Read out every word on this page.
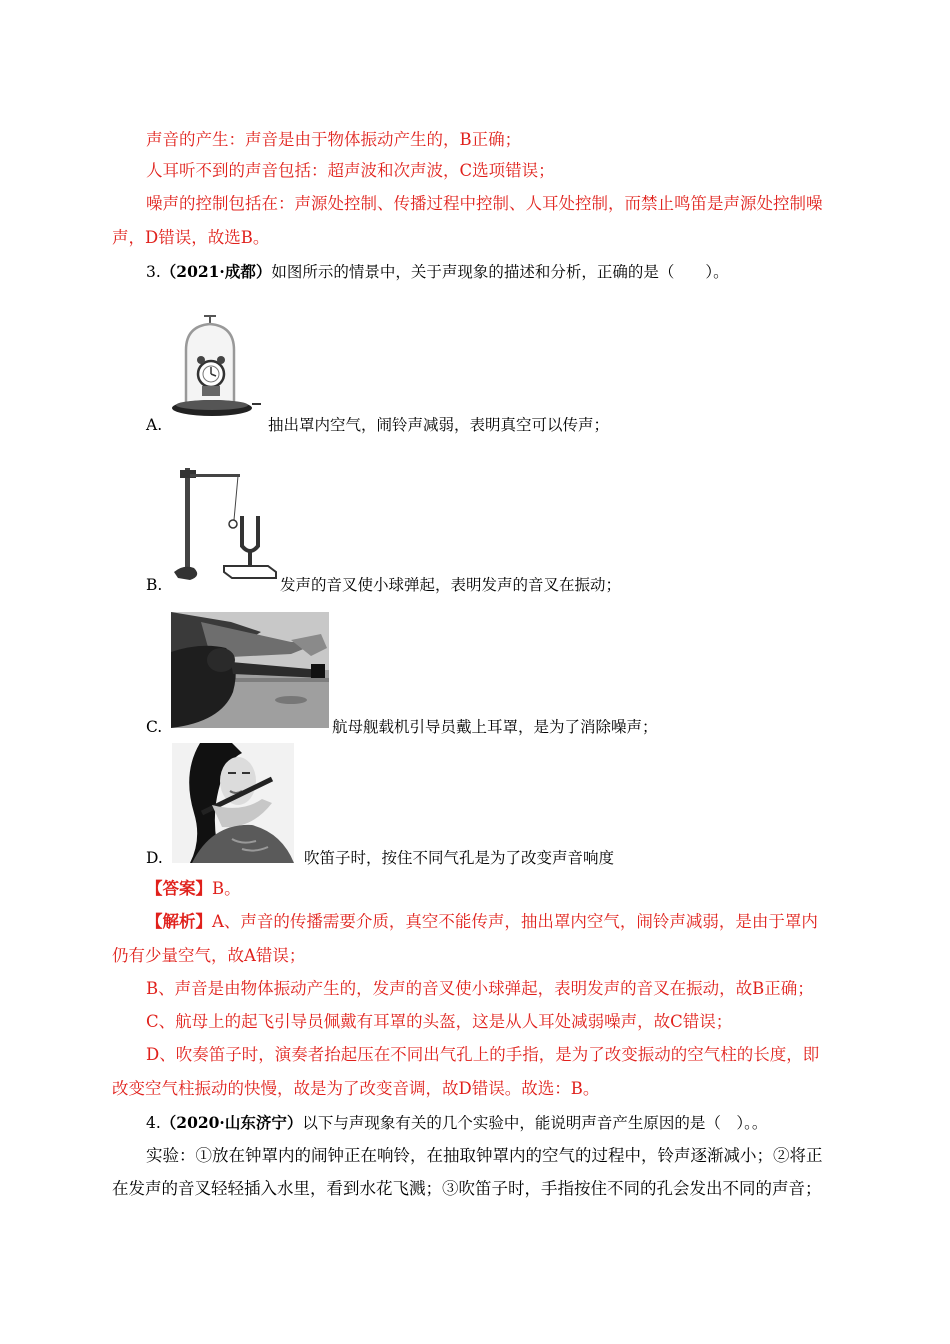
声音的产生：声音是由于物体振动产生的，B正确；
人耳听不到的声音包括：超声波和次声波，C选项错误；
噪声的控制包括在：声源处控制、传播过程中控制、人耳处控制，而禁止鸣笛是声源处控制噪
声，D错误，故选B。
3.（2021·成都）如图所示的情景中，关于声现象的描述和分析，正确的是（　　）。
A.	抽出罩内空气，闹铃声减弱，表明真空可以传声；
B.	发声的音叉使小球弹起，表明发声的音叉在振动；
C.	航母舰载机引导员戴上耳罩，是为了消除噪声；
D.	吹笛子时，按住不同气孔是为了改变声音响度
【答案】B。
【解析】A、声音的传播需要介质，真空不能传声，抽出罩内空气，闹铃声减弱，是由于罩内
仍有少量空气，故A错误；
B、声音是由物体振动产生的，发声的音叉使小球弹起，表明发声的音叉在振动，故B正确；
C、航母上的起飞引导员佩戴有耳罩的头盔，这是从人耳处减弱噪声，故C错误；
D、吹奏笛子时，演奏者抬起压在不同出气孔上的手指，是为了改变振动的空气柱的长度，即
改变空气柱振动的快慢，故是为了改变音调，故D错误。故选：B。
4.（2020·山东济宁）以下与声现象有关的几个实验中，能说明声音产生原因的是（　）。。
实验：①放在钟罩内的闹钟正在响铃，在抽取钟罩内的空气的过程中，铃声逐渐减小；②将正
在发声的音叉轻轻插入水里，看到水花飞溅；③吹笛子时，手指按住不同的孔会发出不同的声音；
